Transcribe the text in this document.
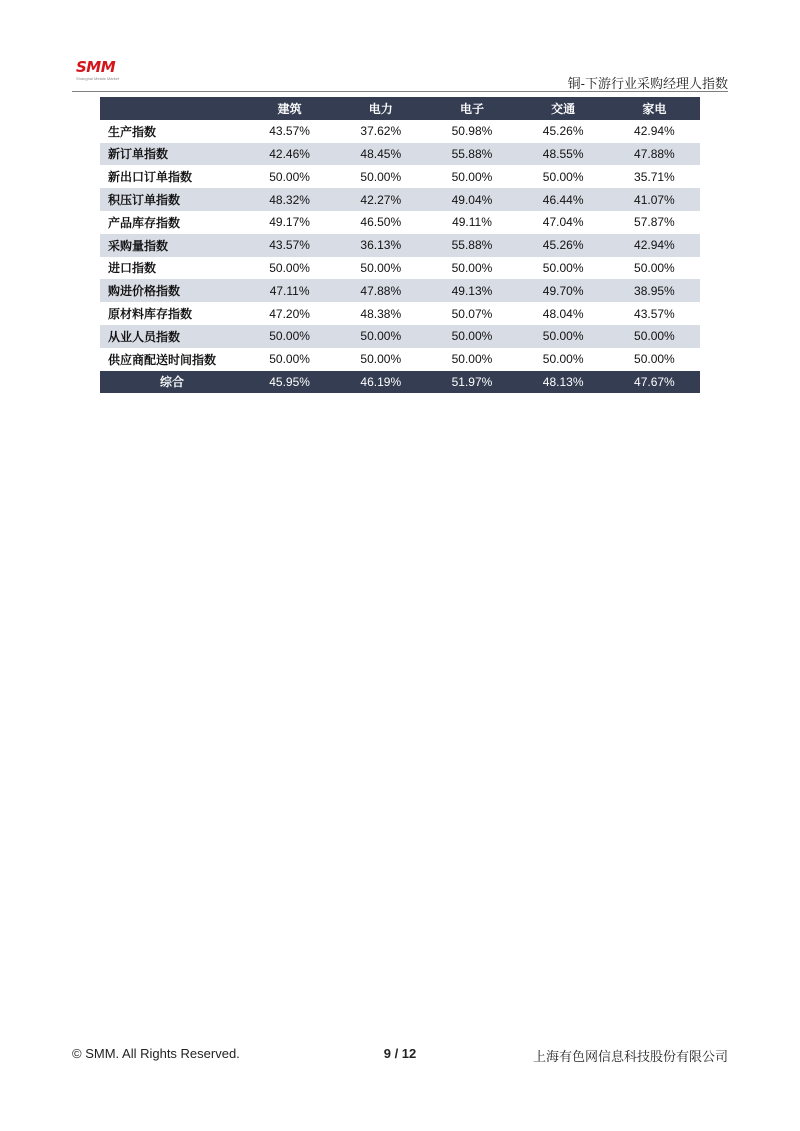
SMM
Shanghai Metals Market	铜-下游行业采购经理人指数
	建筑	电力	电子	交通	家电
生产指数	43.57%	37.62%	50.98%	45.26%	42.94%
新订单指数	42.46%	48.45%	55.88%	48.55%	47.88%
新出口订单指数	50.00%	50.00%	50.00%	50.00%	35.71%
积压订单指数	48.32%	42.27%	49.04%	46.44%	41.07%
产品库存指数	49.17%	46.50%	49.11%	47.04%	57.87%
采购量指数	43.57%	36.13%	55.88%	45.26%	42.94%
进口指数	50.00%	50.00%	50.00%	50.00%	50.00%
购进价格指数	47.11%	47.88%	49.13%	49.70%	38.95%
原材料库存指数	47.20%	48.38%	50.07%	48.04%	43.57%
从业人员指数	50.00%	50.00%	50.00%	50.00%	50.00%
供应商配送时间指数	50.00%	50.00%	50.00%	50.00%	50.00%
综合	45.95%	46.19%	51.97%	48.13%	47.67%
© SMM. All Rights Reserved.	9 / 12	上海有色网信息科技股份有限公司
